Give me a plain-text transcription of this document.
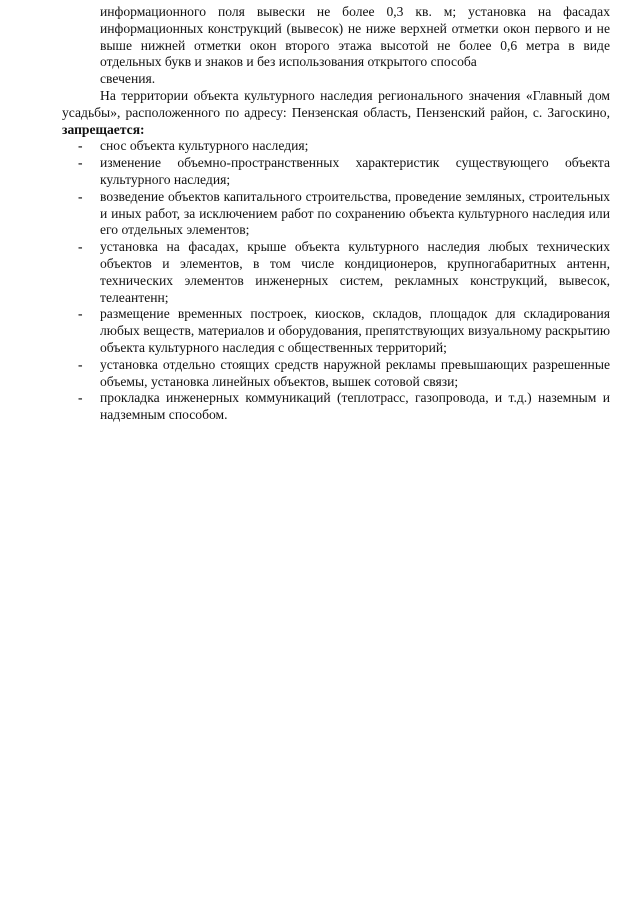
информационного поля вывески не более 0,3 кв. м; установка на фасадах информационных конструкций (вывесок) не ниже верхней отметки окон первого и не выше нижней отметки окон второго этажа высотой не более 0,6 метра в виде отдельных букв и знаков и без использования открытого способа
свечения.

На территории объекта культурного наследия регионального значения «Главный дом усадьбы», расположенного по адресу: Пензенская область, Пензенский район, с. Загоскино, запрещается:

- снос объекта культурного наследия;
- изменение объемно-пространственных характеристик существующего объекта культурного наследия;
- возведение объектов капитального строительства, проведение земляных, строительных и иных работ, за исключением работ по сохранению объекта культурного наследия или его отдельных элементов;
- установка на фасадах, крыше объекта культурного наследия любых технических объектов и элементов, в том числе кондиционеров, крупногабаритных антенн, технических элементов инженерных систем, рекламных конструкций, вывесок, телеантенн;
- размещение временных построек, киосков, складов, площадок для складирования любых веществ, материалов и оборудования, препятствующих визуальному раскрытию объекта культурного наследия с общественных территорий;
- установка отдельно стоящих средств наружной рекламы превышающих разрешенные объемы, установка линейных объектов, вышек сотовой связи;
- прокладка инженерных коммуникаций (теплотрасс, газопровода, и т.д.) наземным и надземным способом.
